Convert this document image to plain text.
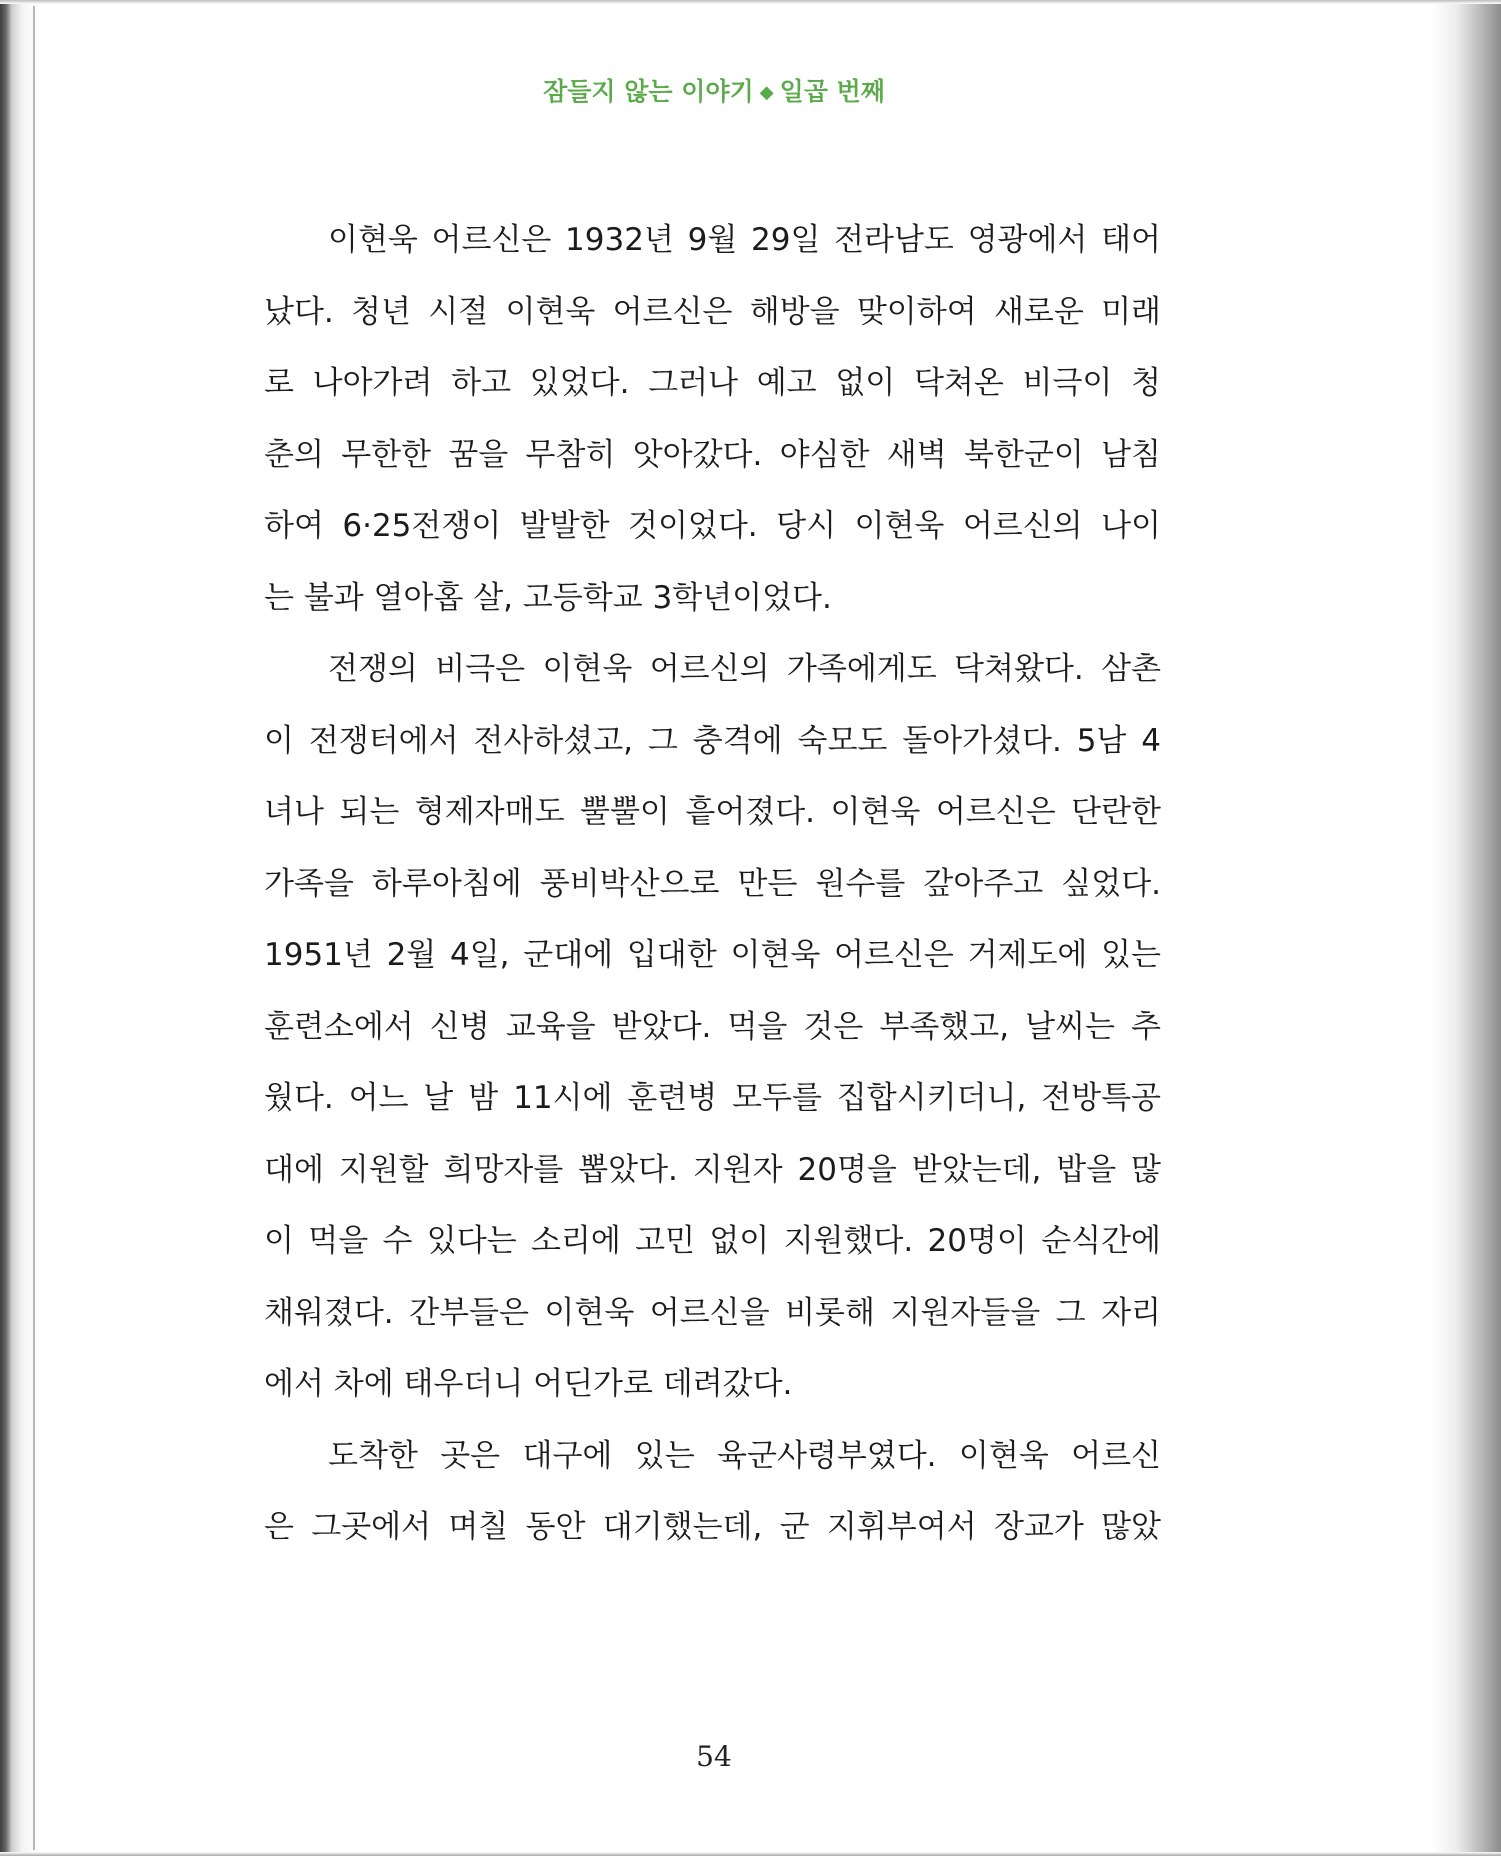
잠들지 않는 이야기 ◆ 일곱 번째
이현욱 어르신은 1932년 9월 29일 전라남도 영광에서 태어
났다. 청년 시절 이현욱 어르신은 해방을 맞이하여 새로운 미래
로 나아가려 하고 있었다. 그러나 예고 없이 닥쳐온 비극이 청
춘의 무한한 꿈을 무참히 앗아갔다. 야심한 새벽 북한군이 남침
하여 6·25전쟁이 발발한 것이었다. 당시 이현욱 어르신의 나이
는 불과 열아홉 살, 고등학교 3학년이었다.
전쟁의 비극은 이현욱 어르신의 가족에게도 닥쳐왔다. 삼촌
이 전쟁터에서 전사하셨고, 그 충격에 숙모도 돌아가셨다. 5남 4
녀나 되는 형제자매도 뿔뿔이 흩어졌다. 이현욱 어르신은 단란한
가족을 하루아침에 풍비박산으로 만든 원수를 갚아주고 싶었다.
1951년 2월 4일, 군대에 입대한 이현욱 어르신은 거제도에 있는
훈련소에서 신병 교육을 받았다. 먹을 것은 부족했고, 날씨는 추
웠다. 어느 날 밤 11시에 훈련병 모두를 집합시키더니, 전방특공
대에 지원할 희망자를 뽑았다. 지원자 20명을 받았는데, 밥을 많
이 먹을 수 있다는 소리에 고민 없이 지원했다. 20명이 순식간에
채워졌다. 간부들은 이현욱 어르신을 비롯해 지원자들을 그 자리
에서 차에 태우더니 어딘가로 데려갔다.
도착한 곳은 대구에 있는 육군사령부였다. 이현욱 어르신
은 그곳에서 며칠 동안 대기했는데, 군 지휘부여서 장교가 많았
54
